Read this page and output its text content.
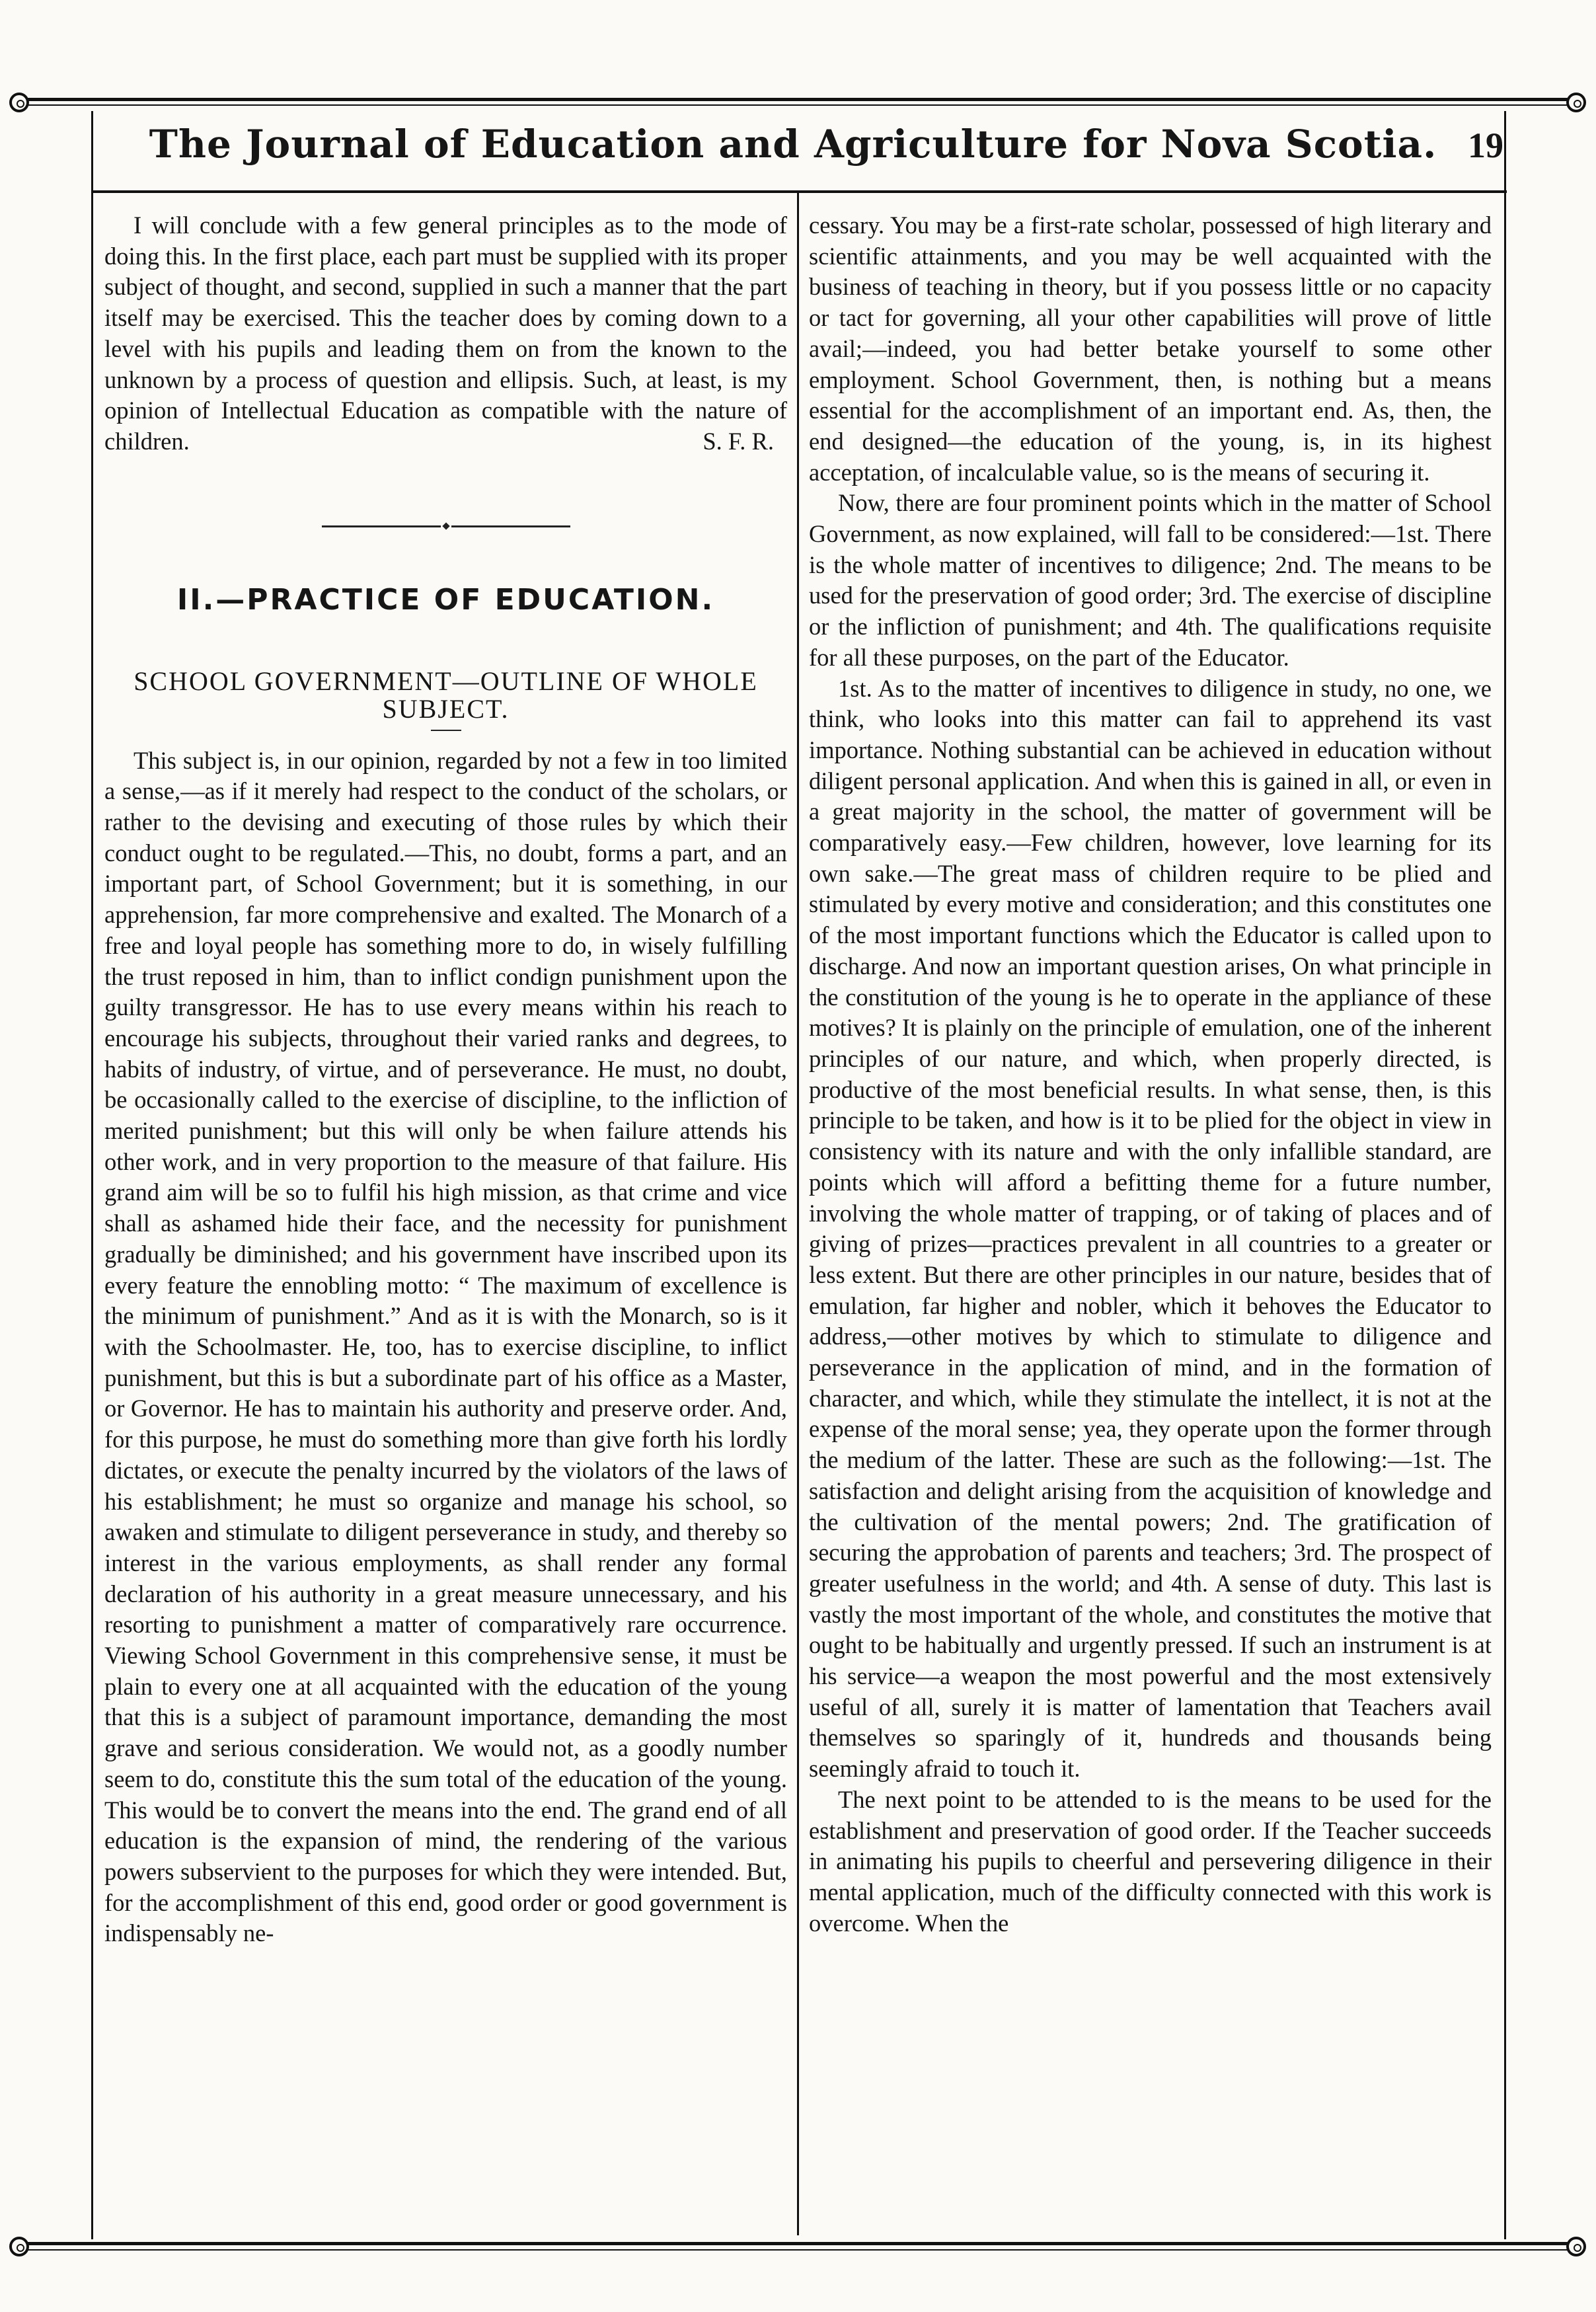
The Journal of Education and Agriculture for Nova Scotia. 19

I will conclude with a few general principles as to the mode of doing this. In the first place, each part must be supplied with its proper subject of thought, and second, supplied in such a manner that the part itself may be exercised. This the teacher does by coming down to a level with his pupils and leading them on from the known to the unknown by a process of question and ellipsis. Such, at least, is my opinion of Intellectual Education as compatible with the nature of children.	S. F. R.

II.—PRACTICE OF EDUCATION.
SCHOOL GOVERNMENT—OUTLINE OF WHOLE SUBJECT.

This subject is, in our opinion, regarded by not a few in too limited a sense,—as if it merely had respect to the conduct of the scholars, or rather to the devising and executing of those rules by which their conduct ought to be regulated.—This, no doubt, forms a part, and an important part, of School Government; but it is something, in our apprehension, far more comprehensive and exalted. The Monarch of a free and loyal people has something more to do, in wisely fulfilling the trust reposed in him, than to inflict condign punishment upon the guilty transgressor. He has to use every means within his reach to encourage his subjects, throughout their varied ranks and degrees, to habits of industry, of virtue, and of perseverance. He must, no doubt, be occasionally called to the exercise of discipline, to the infliction of merited punishment; but this will only be when failure attends his other work, and in very proportion to the measure of that failure. His grand aim will be so to fulfil his high mission, as that crime and vice shall as ashamed hide their face, and the necessity for punishment gradually be diminished; and his government have inscribed upon its every feature the ennobling motto: “ The maximum of excellence is the minimum of punishment.” And as it is with the Monarch, so is it with the Schoolmaster. He, too, has to exercise discipline, to inflict punishment, but this is but a subordinate part of his office as a Master, or Governor. He has to maintain his authority and preserve order. And, for this purpose, he must do something more than give forth his lordly dictates, or execute the penalty incurred by the violators of the laws of his establishment; he must so organize and manage his school, so awaken and stimulate to diligent perseverance in study, and thereby so interest in the various employments, as shall render any formal declaration of his authority in a great measure unnecessary, and his resorting to punishment a matter of comparatively rare occurrence. Viewing School Government in this comprehensive sense, it must be plain to every one at all acquainted with the education of the young that this is a subject of paramount importance, demanding the most grave and serious consideration. We would not, as a goodly number seem to do, constitute this the sum total of the education of the young. This would be to convert the means into the end. The grand end of all education is the expansion of mind, the rendering of the various powers subservient to the purposes for which they were intended. But, for the accomplishment of this end, good order or good government is indispensably ne-

cessary. You may be a first-rate scholar, possessed of high literary and scientific attainments, and you may be well acquainted with the business of teaching in theory, but if you possess little or no capacity or tact for governing, all your other capabilities will prove of little avail;—indeed, you had better betake yourself to some other employment. School Government, then, is nothing but a means essential for the accomplishment of an important end. As, then, the end designed—the education of the young, is, in its highest acceptation, of incalculable value, so is the means of securing it.

Now, there are four prominent points which in the matter of School Government, as now explained, will fall to be considered:—1st. There is the whole matter of incentives to diligence; 2nd. The means to be used for the preservation of good order; 3rd. The exercise of discipline or the infliction of punishment; and 4th. The qualifications requisite for all these purposes, on the part of the Educator.

1st. As to the matter of incentives to diligence in study, no one, we think, who looks into this matter can fail to apprehend its vast importance. Nothing substantial can be achieved in education without diligent personal application. And when this is gained in all, or even in a great majority in the school, the matter of government will be comparatively easy.—Few children, however, love learning for its own sake.—The great mass of children require to be plied and stimulated by every motive and consideration; and this constitutes one of the most important functions which the Educator is called upon to discharge. And now an important question arises, On what principle in the constitution of the young is he to operate in the appliance of these motives? It is plainly on the principle of emulation, one of the inherent principles of our nature, and which, when properly directed, is productive of the most beneficial results. In what sense, then, is this principle to be taken, and how is it to be plied for the object in view in consistency with its nature and with the only infallible standard, are points which will afford a befitting theme for a future number, involving the whole matter of trapping, or of taking of places and of giving of prizes—practices prevalent in all countries to a greater or less extent. But there are other principles in our nature, besides that of emulation, far higher and nobler, which it behoves the Educator to address,—other motives by which to stimulate to diligence and perseverance in the application of mind, and in the formation of character, and which, while they stimulate the intellect, it is not at the expense of the moral sense; yea, they operate upon the former through the medium of the latter. These are such as the following:—1st. The satisfaction and delight arising from the acquisition of knowledge and the cultivation of the mental powers; 2nd. The gratification of securing the approbation of parents and teachers; 3rd. The prospect of greater usefulness in the world; and 4th. A sense of duty. This last is vastly the most important of the whole, and constitutes the motive that ought to be habitually and urgently pressed. If such an instrument is at his service—a weapon the most powerful and the most extensively useful of all, surely it is matter of lamentation that Teachers avail themselves so sparingly of it, hundreds and thousands being seemingly afraid to touch it.

The next point to be attended to is the means to be used for the establishment and preservation of good order. If the Teacher succeeds in animating his pupils to cheerful and persevering diligence in their mental application, much of the difficulty connected with this work is overcome. When the
